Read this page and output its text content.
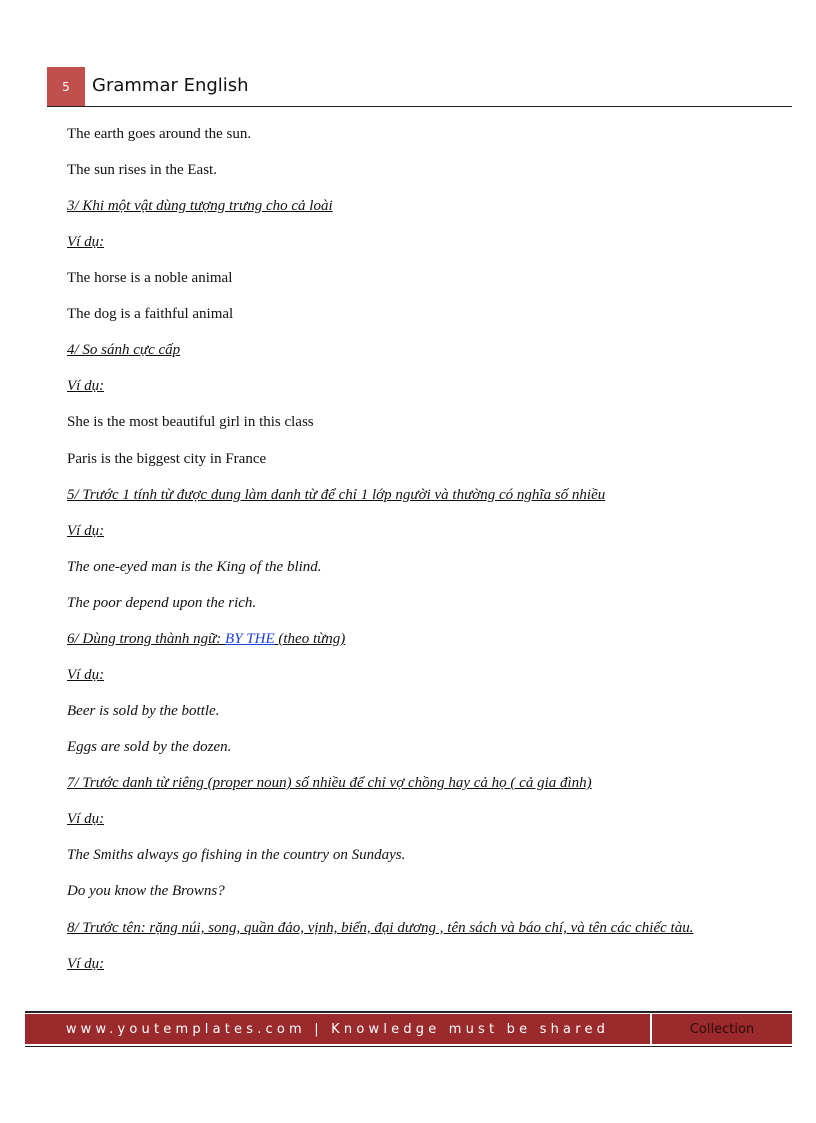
5 Grammar English
The earth goes around the sun.
The sun rises in the East.
3/ Khi một vật dùng tượng trưng cho cả loài
Ví dụ:
The horse is a noble animal
The dog is a faithful animal
4/ So sánh cực cấp
Ví dụ:
She is the most beautiful girl in this class
Paris is the biggest city in France
5/ Trước 1 tính từ được dung làm danh từ để chỉ 1 lớp người và thường có nghĩa số nhiều
Ví dụ:
The one-eyed man is the King of the blind.
The poor depend upon the rich.
6/ Dùng trong thành ngữ: BY THE (theo từng)
Ví dụ:
Beer is sold by the bottle.
Eggs are sold by the dozen.
7/ Trước danh từ riêng (proper noun) số nhiều để chỉ vợ chồng hay cả họ ( cả gia đình)
Ví dụ:
The Smiths always go fishing in the country on Sundays.
Do you know the Browns?
8/ Trước tên: rặng núi, song, quần đảo, vịnh, biển, đại dương , tên sách và báo chí, và tên các chiếc tàu.
Ví dụ:
www.youtemplates.com | Knowledge must be shared	Collection
